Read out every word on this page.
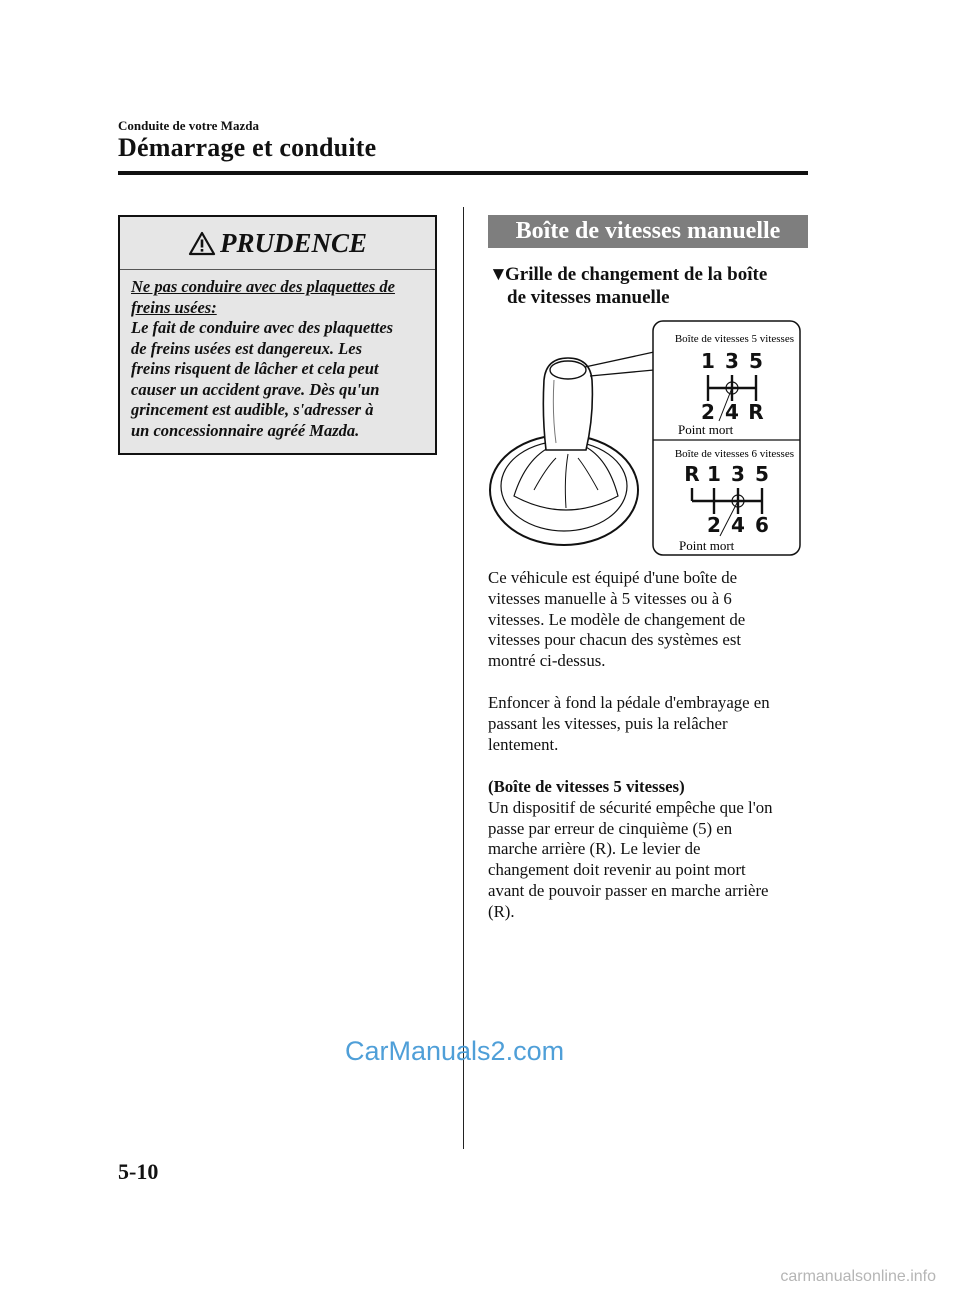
Conduite de votre Mazda
Démarrage et conduite
PRUDENCE
Ne pas conduire avec des plaquettes de
freins usées:
Le fait de conduire avec des plaquettes
de freins usées est dangereux. Les
freins risquent de lâcher et cela peut
causer un accident grave. Dès qu'un
grincement est audible, s'adresser à
un concessionnaire agréé Mazda.
Boîte de vitesses manuelle
▼Grille de changement de la boîte
de vitesses manuelle
Boîte de vitesses 5 vitesses
1 3 5
2 4 R
Point mort
Boîte de vitesses 6 vitesses
R 1 3 5
2 4 6
Point mort
Ce véhicule est équipé d'une boîte de
vitesses manuelle à 5 vitesses ou à 6
vitesses. Le modèle de changement de
vitesses pour chacun des systèmes est
montré ci-dessus.
Enfoncer à fond la pédale d'embrayage en
passant les vitesses, puis la relâcher
lentement.
(Boîte de vitesses 5 vitesses)
Un dispositif de sécurité empêche que l'on
passe par erreur de cinquième (5) en
marche arrière (R). Le levier de
changement doit revenir au point mort
avant de pouvoir passer en marche arrière
(R).
CarManuals2.com
5-10
carmanualsonline.info
